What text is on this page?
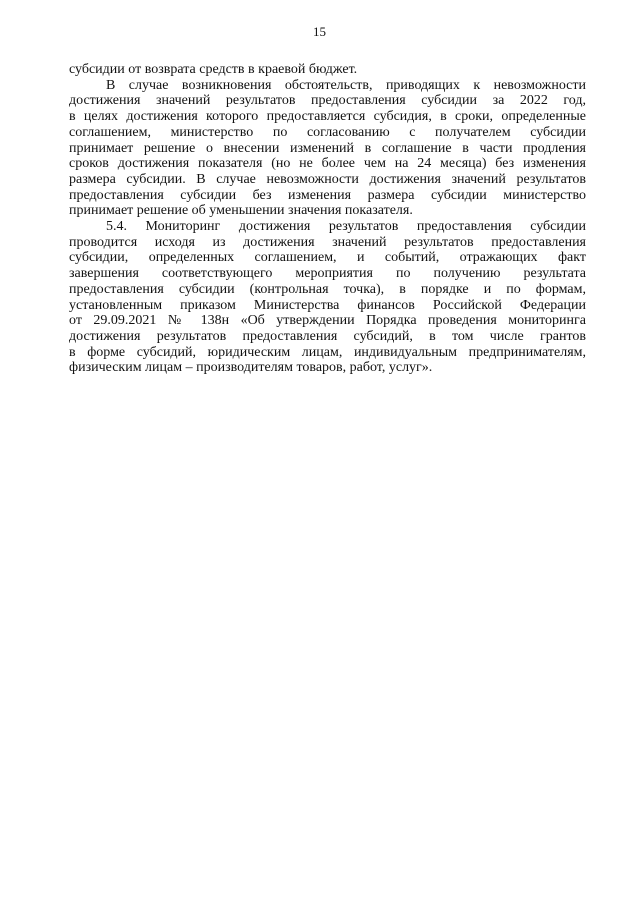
15

субсидии от возврата средств в краевой бюджет.

В случае возникновения обстоятельств, приводящих к невозможности
достижения значений результатов предоставления субсидии за 2022 год,
в целях достижения которого предоставляется субсидия, в сроки, определенные
соглашением, министерство по согласованию с получателем субсидии
принимает решение о внесении изменений в соглашение в части продления
сроков достижения показателя (но не более чем на 24 месяца) без изменения
размера субсидии. В случае невозможности достижения значений результатов
предоставления субсидии без изменения размера субсидии министерство
принимает решение об уменьшении значения показателя.

5.4. Мониторинг достижения результатов предоставления субсидии
проводится исходя из достижения значений результатов предоставления
субсидии, определенных соглашением, и событий, отражающих факт
завершения соответствующего мероприятия по получению результата
предоставления субсидии (контрольная точка), в порядке и по формам,
установленным приказом Министерства финансов Российской Федерации
от 29.09.2021 № 138н «Об утверждении Порядка проведения мониторинга
достижения результатов предоставления субсидий, в том числе грантов
в форме субсидий, юридическим лицам, индивидуальным предпринимателям,
физическим лицам – производителям товаров, работ, услуг».
